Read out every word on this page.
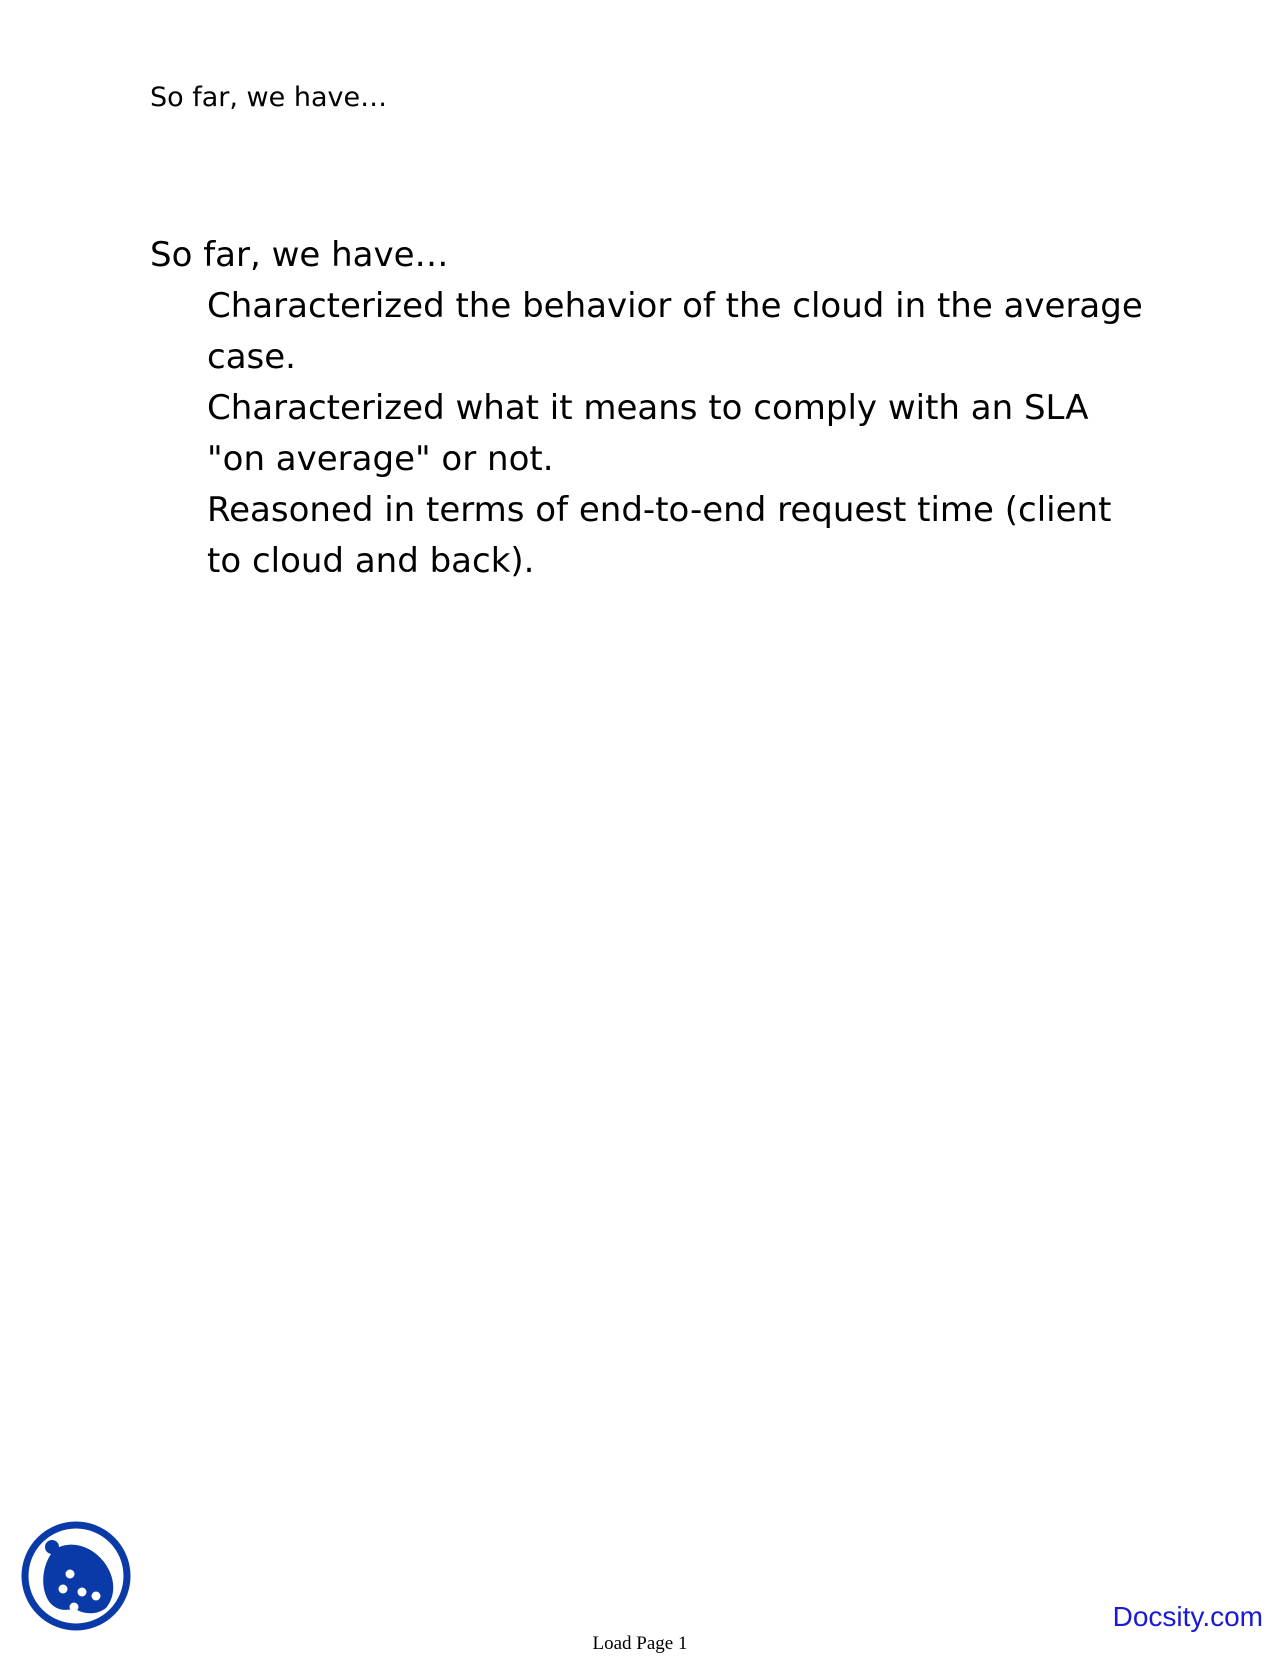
So far, we have…
So far, we have…
Characterized the behavior of the cloud in the average case.
Characterized what it means to comply with an SLA "on average" or not.
Reasoned in terms of end-to-end request time (client to cloud and back).
Docsity.com
Load Page 1
